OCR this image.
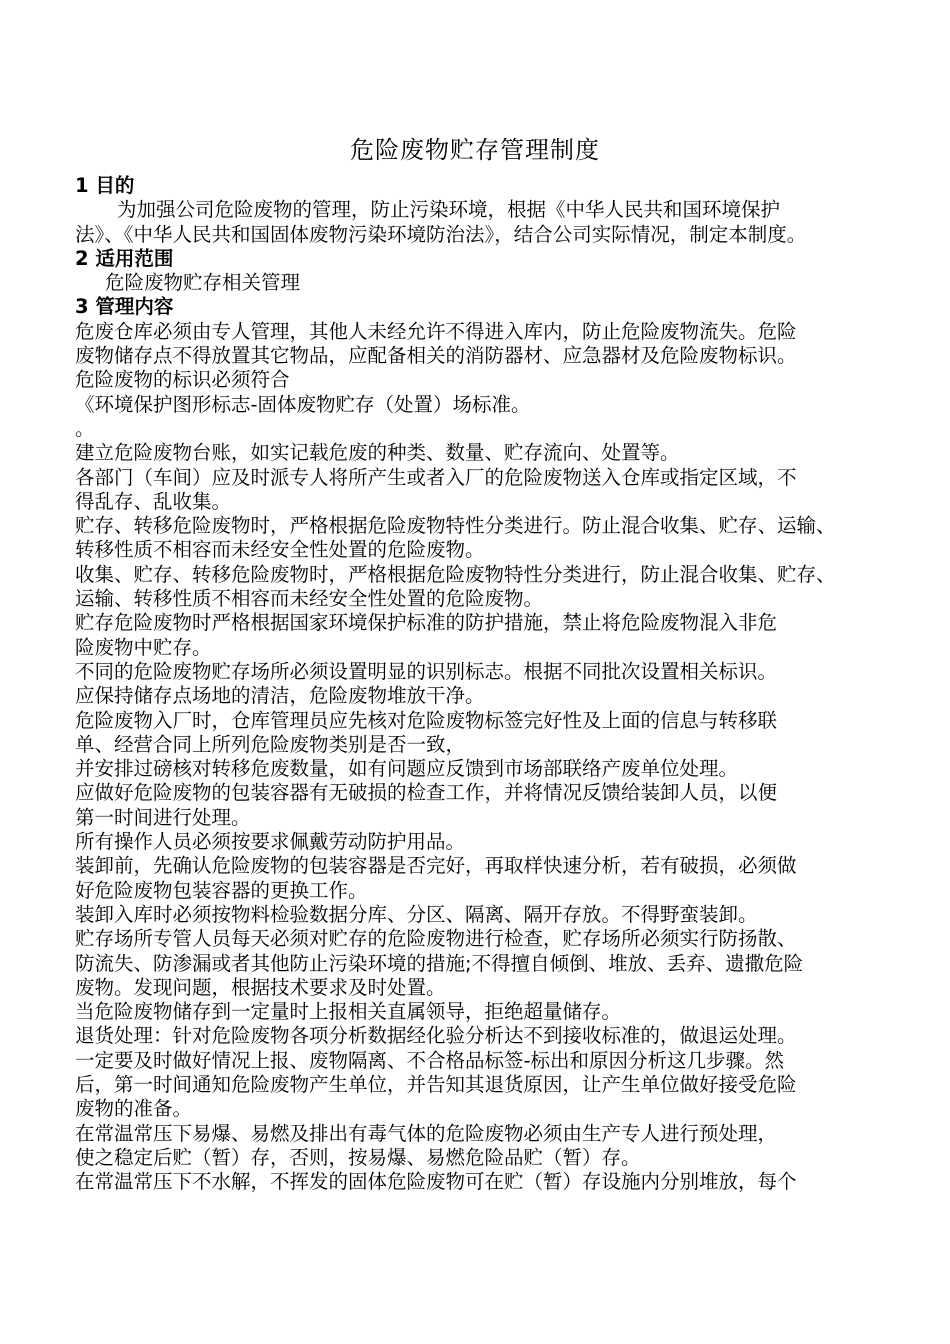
危险废物贮存管理制度

1 目的

为加强公司危险废物的管理，防止污染环境，根据《中华人民共和国环境保护

法》、《中华人民共和国固体废物污染环境防治法》，结合公司实际情况，制定本制度。

2 适用范围

危险废物贮存相关管理

3 管理内容

危废仓库必须由专人管理，其他人未经允许不得进入库内，防止危险废物流失。危险

废物储存点不得放置其它物品，应配备相关的消防器材、应急器材及危险废物标识。

危险废物的标识必须符合

《环境保护图形标志-固体废物贮存（处置）场标准。

。

建立危险废物台账，如实记载危废的种类、数量、贮存流向、处置等。

各部门（车间）应及时派专人将所产生或者入厂的危险废物送入仓库或指定区域，不

得乱存、乱收集。

贮存、转移危险废物时，严格根据危险废物特性分类进行。防止混合收集、贮存、运输、

转移性质不相容而未经安全性处置的危险废物。

收集、贮存、转移危险废物时，严格根据危险废物特性分类进行，防止混合收集、贮存、

运输、转移性质不相容而未经安全性处置的危险废物。

贮存危险废物时严格根据国家环境保护标准的防护措施，禁止将危险废物混入非危

险废物中贮存。

不同的危险废物贮存场所必须设置明显的识别标志。根据不同批次设置相关标识。

应保持储存点场地的清洁，危险废物堆放干净。

危险废物入厂时，仓库管理员应先核对危险废物标签完好性及上面的信息与转移联

单、经营合同上所列危险废物类别是否一致，

并安排过磅核对转移危废数量，如有问题应反馈到市场部联络产废单位处理。

应做好危险废物的包装容器有无破损的检查工作，并将情况反馈给装卸人员，以便

第一时间进行处理。

所有操作人员必须按要求佩戴劳动防护用品。

装卸前，先确认危险废物的包装容器是否完好，再取样快速分析，若有破损，必须做

好危险废物包装容器的更换工作。

装卸入库时必须按物料检验数据分库、分区、隔离、隔开存放。不得野蛮装卸。

贮存场所专管人员每天必须对贮存的危险废物进行检查，贮存场所必须实行防扬散、

防流失、防渗漏或者其他防止污染环境的措施;不得擅自倾倒、堆放、丢弃、遗撒危险

废物。发现问题，根据技术要求及时处置。

当危险废物储存到一定量时上报相关直属领导，拒绝超量储存。

退货处理：针对危险废物各项分析数据经化验分析达不到接收标准的，做退运处理。

一定要及时做好情况上报、废物隔离、不合格品标签-标出和原因分析这几步骤。然

后，第一时间通知危险废物产生单位，并告知其退货原因，让产生单位做好接受危险

废物的准备。

在常温常压下易爆、易燃及排出有毒气体的危险废物必须由生产专人进行预处理，

使之稳定后贮（暂）存，否则，按易爆、易燃危险品贮（暂）存。

在常温常压下不水解，不挥发的固体危险废物可在贮（暂）存设施内分别堆放，每个
